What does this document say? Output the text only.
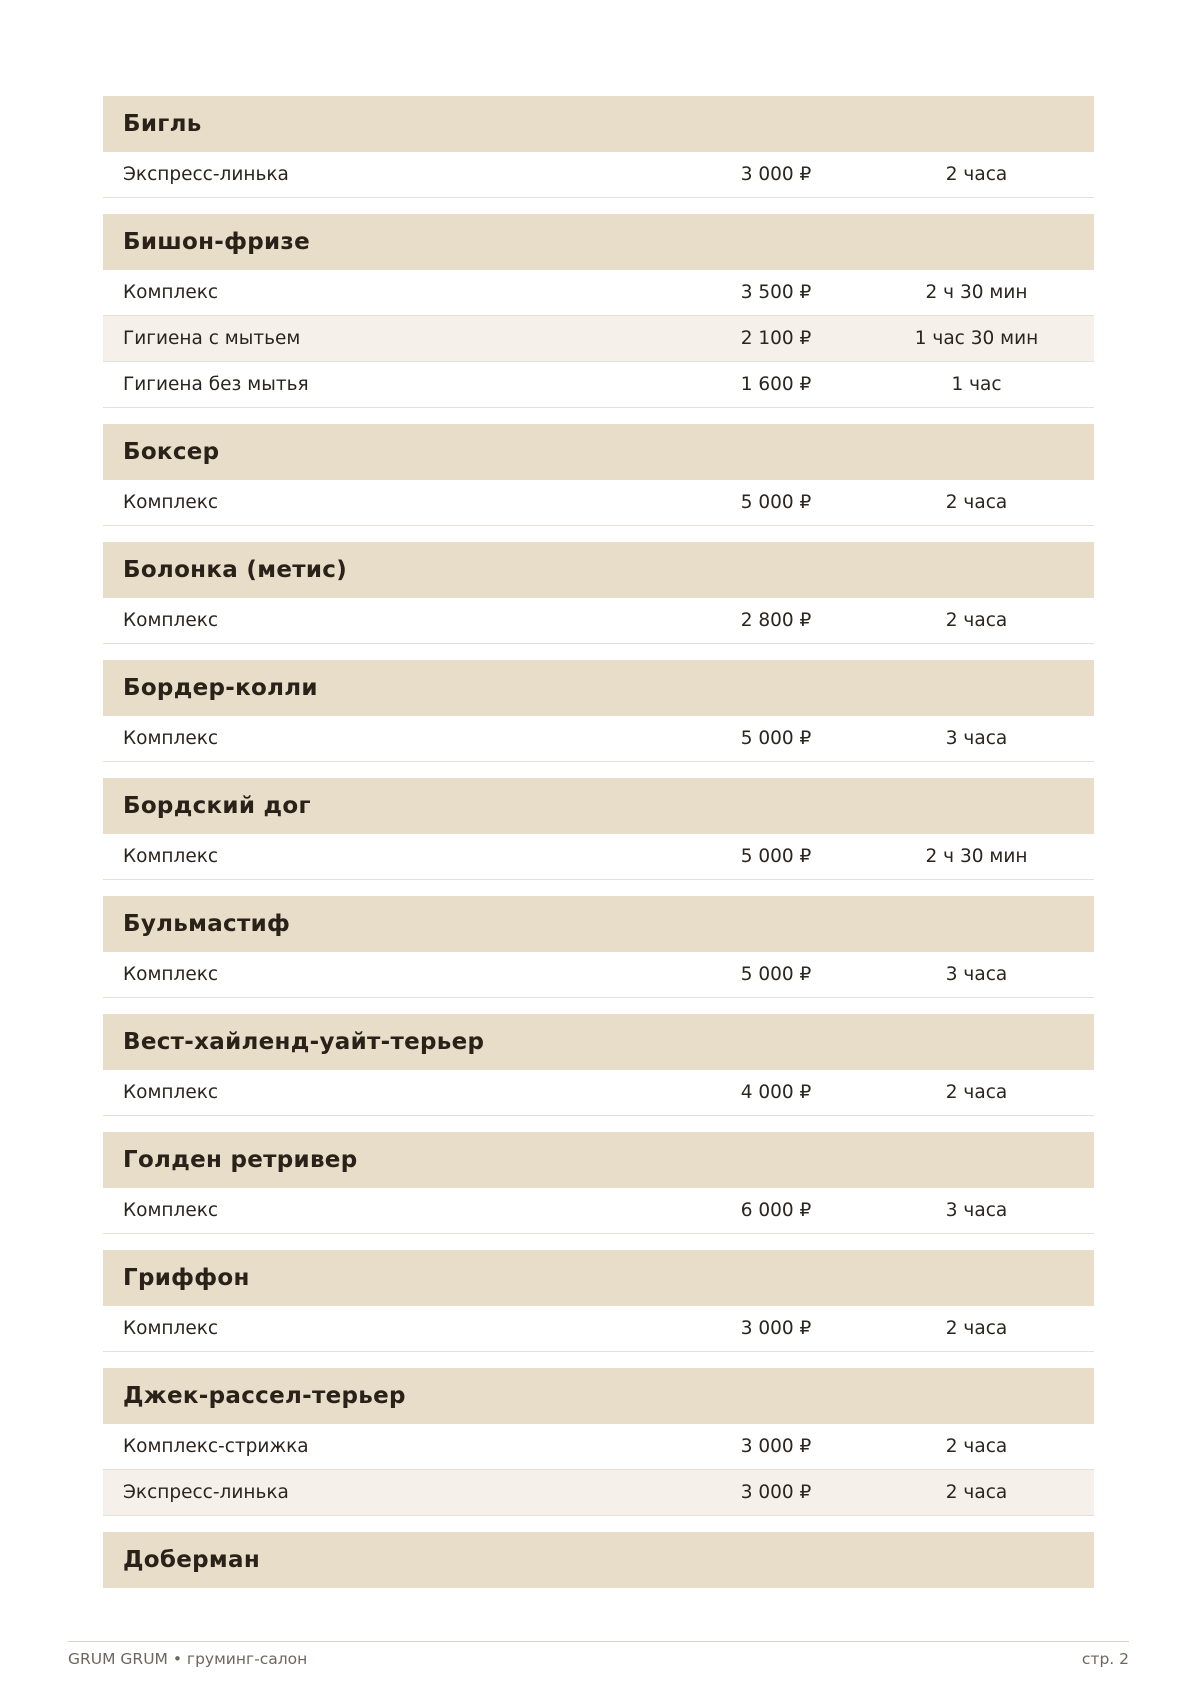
Бигль
Экспресс-линька	3 000 ₽	2 часа
Бишон-фризе
Комплекс	3 500 ₽	2 ч 30 мин
Гигиена с мытьем	2 100 ₽	1 час 30 мин
Гигиена без мытья	1 600 ₽	1 час
Боксер
Комплекс	5 000 ₽	2 часа
Болонка (метис)
Комплекс	2 800 ₽	2 часа
Бордер-колли
Комплекс	5 000 ₽	3 часа
Бордский дог
Комплекс	5 000 ₽	2 ч 30 мин
Бульмастиф
Комплекс	5 000 ₽	3 часа
Вест-хайленд-уайт-терьер
Комплекс	4 000 ₽	2 часа
Голден ретривер
Комплекс	6 000 ₽	3 часа
Гриффон
Комплекс	3 000 ₽	2 часа
Джек-рассел-терьер
Комплекс-стрижка	3 000 ₽	2 часа
Экспресс-линька	3 000 ₽	2 часа
Доберман
GRUM GRUM • груминг-салон	стр. 2
